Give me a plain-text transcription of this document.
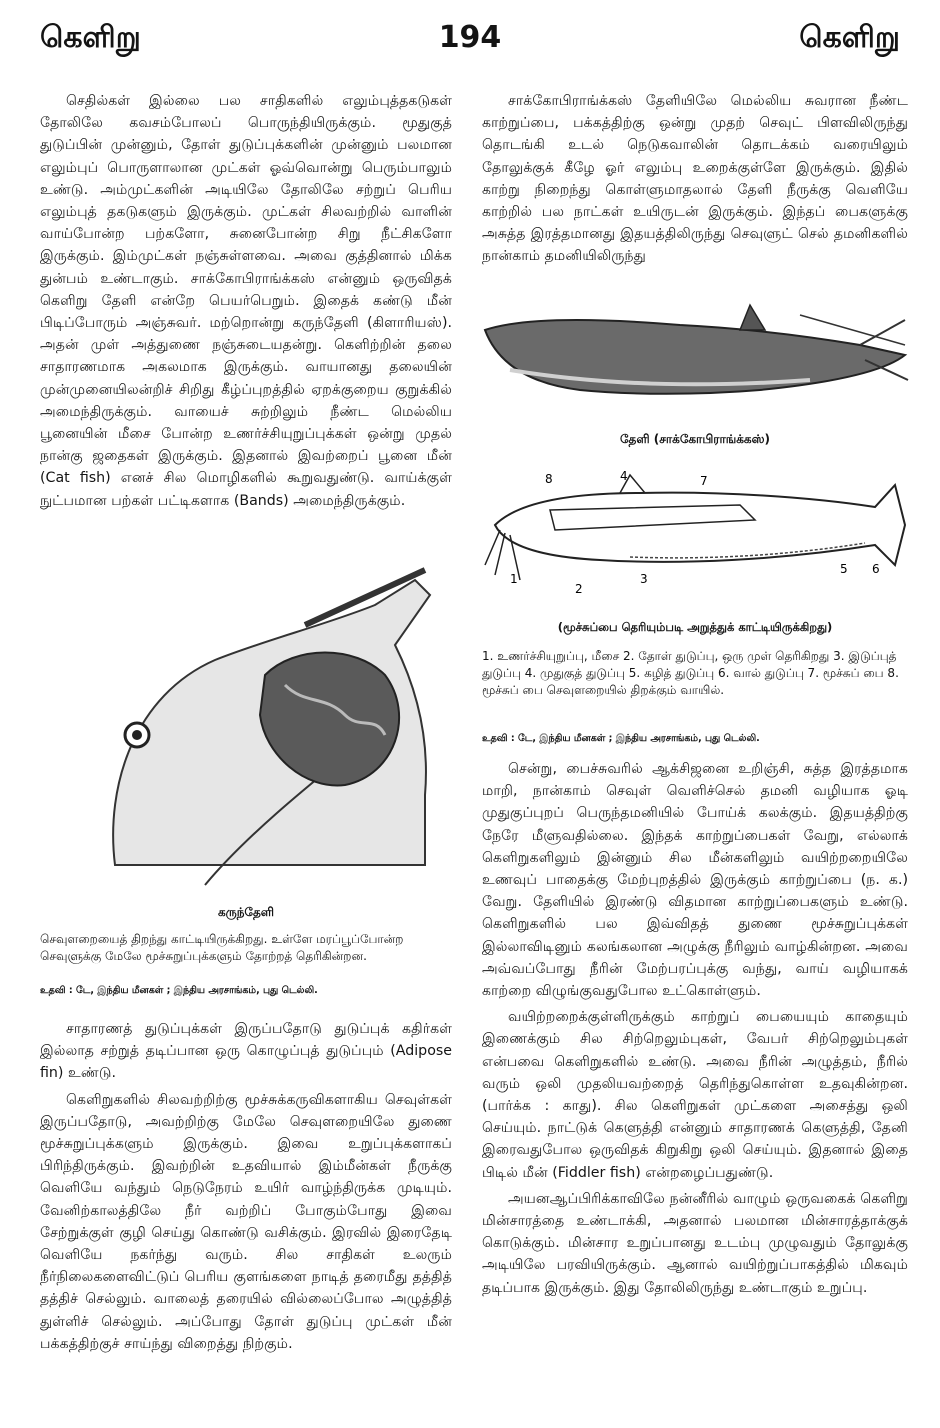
கெளிறு	194	கெளிறு

செதில்கள் இல்லை பல சாதிகளில் எலும்புத்தகடுகள் தோலிலே கவசம்போலப் பொருந்தியிருக்கும். மூதுகுத் துடுப்பின் முன்னும், தோள் துடுப்புக்களின் முன்னும் பலமான எலும்புப் பொருளாலான முட்கள் ஓவ்வொன்று பெரும்பாலும் உண்டு. அம்முட்களின் அடியிலே தோலிலே சற்றுப் பெரிய எலும்புத் தகடுகளும் இருக்கும். முட்கள் சிலவற்றில் வாளின் வாய்போன்ற பற்களோ, சுனைபோன்ற சிறு நீட்சிகளோ இருக்கும். இம்முட்கள் நஞ்சுள்ளவை. அவை குத்தினால் மிக்க துன்பம் உண்டாகும். சாக்கோபிராங்க்கஸ் என்னும் ஒருவிதக் கெளிறு தேளி என்றே பெயர்பெறும். இதைக் கண்டு மீன் பிடிப்போரும் அஞ்சுவர். மற்றொன்று கருந்தேளி (கிளாரியஸ்). அதன் முள் அத்துணை நஞ்சுடையதன்று. கெளிற்றின் தலை சாதாரணமாக அகலமாக இருக்கும். வாயானது தலையின் முன்முனையிலன்றிச் சிறிது கீழ்ப்புறத்தில் ஏறக்குறைய குறுக்கில் அமைந்திருக்கும். வாயைச் சுற்றிலும் நீண்ட மெல்லிய பூனையின் மீசை போன்ற உணர்ச்சியுறுப்புக்கள் ஒன்று முதல் நான்கு ஜதைகள் இருக்கும். இதனால் இவற்றைப் பூனை மீன் (Cat fish) எனச் சில மொழிகளில் கூறுவதுண்டு. வாய்க்குள் நுட்பமான பற்கள் பட்டிகளாக (Bands) அமைந்திருக்கும்.

கருந்தேளி
செவுளறையைத் திறந்து காட்டியிருக்கிறது. உள்ளே மரப்பூப்போன்ற செவுளுக்கு மேலே மூச்சுறுப்புக்களும் தோற்றத் தெரிகின்றன.
உதவி : டே, இந்திய மீனகள் ; இந்திய அரசாங்கம், புது டெல்லி.

சாதாரணத் துடுப்புக்கள் இருப்பதோடு துடுப்புக் கதிர்கள் இல்லாத சற்றுத் தடிப்பான ஒரு கொழுப்புத் துடுப்பும் (Adipose fin) உண்டு.

கெளிறுகளில் சிலவற்றிற்கு மூச்சுக்கருவிகளாகிய செவுள்கள் இருப்பதோடு, அவற்றிற்கு மேலே செவுளறையிலே துணை மூச்சுறுப்புக்களும் இருக்கும். இவை உறுப்புக்களாகப் பிரிந்திருக்கும். இவற்றின் உதவியால் இம்மீன்கள் நீருக்கு வெளியே வந்தும் நெடுநேரம் உயிர் வாழ்ந்திருக்க முடியும். வேனிற்காலத்திலே நீர் வற்றிப் போகும்போது இவை சேற்றுக்குள் குழி செய்து கொண்டு வசிக்கும். இரவில் இரைதேடி வெளியே நகர்ந்து வரும். சில சாதிகள் உலரும் நீர்நிலைகளைவிட்டுப் பெரிய குளங்களை நாடித் தரைமீது தத்தித் தத்திச் செல்லும். வாலைத் தரையில் வில்லைப்போல அழுத்தித் துள்ளிச் செல்லும். அப்போது தோள் துடுப்பு முட்கள் மீன் பக்கத்திற்குச் சாய்ந்து விறைத்து நிற்கும்.

சாக்கோபிராங்க்கஸ் தேளியிலே மெல்லிய சுவரான நீண்ட காற்றுப்பை, பக்கத்திற்கு ஒன்று முதற் செவுட் பிளவிலிருந்து தொடங்கி உடல் நெடுகவாலின் தொடக்கம் வரையிலும் தோலுக்குக் கீழே ஓர் எலும்பு உறைக்குள்ளே இருக்கும். இதில் காற்று நிறைந்து கொள்ளுமாதலால் தேளி நீருக்கு வெளியே காற்றில் பல நாட்கள் உயிருடன் இருக்கும். இந்தப் பைகளுக்கு அசுத்த இரத்தமானது இதயத்திலிருந்து செவுளுட் செல் தமனிகளில் நான்காம் தமனியிலிருந்து

தேளி (சாக்கோபிராங்க்கஸ்)
1
2
3
4
5 6
7
8
(மூச்சுப்பை தெரியும்படி அறுத்துக் காட்டியிருக்கிறது)
1. உணர்ச்சியுறுப்பு, மீசை 2. தோள் துடுப்பு, ஒரு முள் தெரிகிறது 3. இடுப்புத் துடுப்பு 4. முதுகுத் துடுப்பு 5. கழித் துடுப்பு 6. வால் துடுப்பு 7. மூச்சுப் பை 8. மூச்சுப் பை செவுளறையில் திறக்கும் வாயில்.
உதவி : டே, இந்திய மீனகள் ; இந்திய அரசாங்கம், புது டெல்லி.

சென்று, பைச்சுவரில் ஆக்சிஜனை உறிஞ்சி, சுத்த இரத்தமாக மாறி, நான்காம் செவுள் வெளிச்செல் தமனி வழியாக ஓடி முதுகுப்புறப் பெருந்தமனியில் போய்க் கலக்கும். இதயத்திற்கு நேரே மீளுவதில்லை. இந்தக் காற்றுப்பைகள் வேறு, எல்லாக் கெளிறுகளிலும் இன்னும் சில மீன்களிலும் வயிற்றறையிலே உணவுப் பாதைக்கு மேற்புறத்தில் இருக்கும் காற்றுப்பை (ந. க.) வேறு. தேளியில் இரண்டு விதமான காற்றுப்பைகளும் உண்டு. கெளிறுகளில் பல இவ்விதத் துணை மூச்சுறுப்புக்கள் இல்லாவிடினும் கலங்கலான அழுக்கு நீரிலும் வாழ்கின்றன. அவை அவ்வப்போது நீரின் மேற்பரப்புக்கு வந்து, வாய் வழியாகக் காற்றை விழுங்குவதுபோல உட்கொள்ளும்.

வயிற்றறைக்குள்ளிருக்கும் காற்றுப் பையையும் காதையும் இணைக்கும் சில சிற்றெலும்புகள், வேபர் சிற்றெலும்புகள் என்பவை கெளிறுகளில் உண்டு. அவை நீரின் அழுத்தம், நீரில் வரும் ஒலி முதலியவற்றைத் தெரிந்துகொள்ள உதவுகின்றன. (பார்க்க : காது). சில கெளிறுகள் முட்களை அசைத்து ஒலி செய்யும். நாட்டுக் கெளுத்தி என்னும் சாதாரணக் கெளுத்தி, தேனி இரைவதுபோல ஒருவிதக் கிறுகிறு ஒலி செய்யும். இதனால் இதை பிடில் மீன் (Fiddler fish) என்றழைப்பதுண்டு.

அயனஆப்பிரிக்காவிலே நன்னீரில் வாழும் ஒருவகைக் கெளிறு மின்சாரத்தை உண்டாக்கி, அதனால் பலமான மின்சாரத்தாக்குக் கொடுக்கும். மின்சார உறுப்பானது உடம்பு முழுவதும் தோலுக்கு அடியிலே பரவியிருக்கும். ஆனால் வயிற்றுப்பாகத்தில் மிகவும் தடிப்பாக இருக்கும். இது தோலிலிருந்து உண்டாகும் உறுப்பு.
